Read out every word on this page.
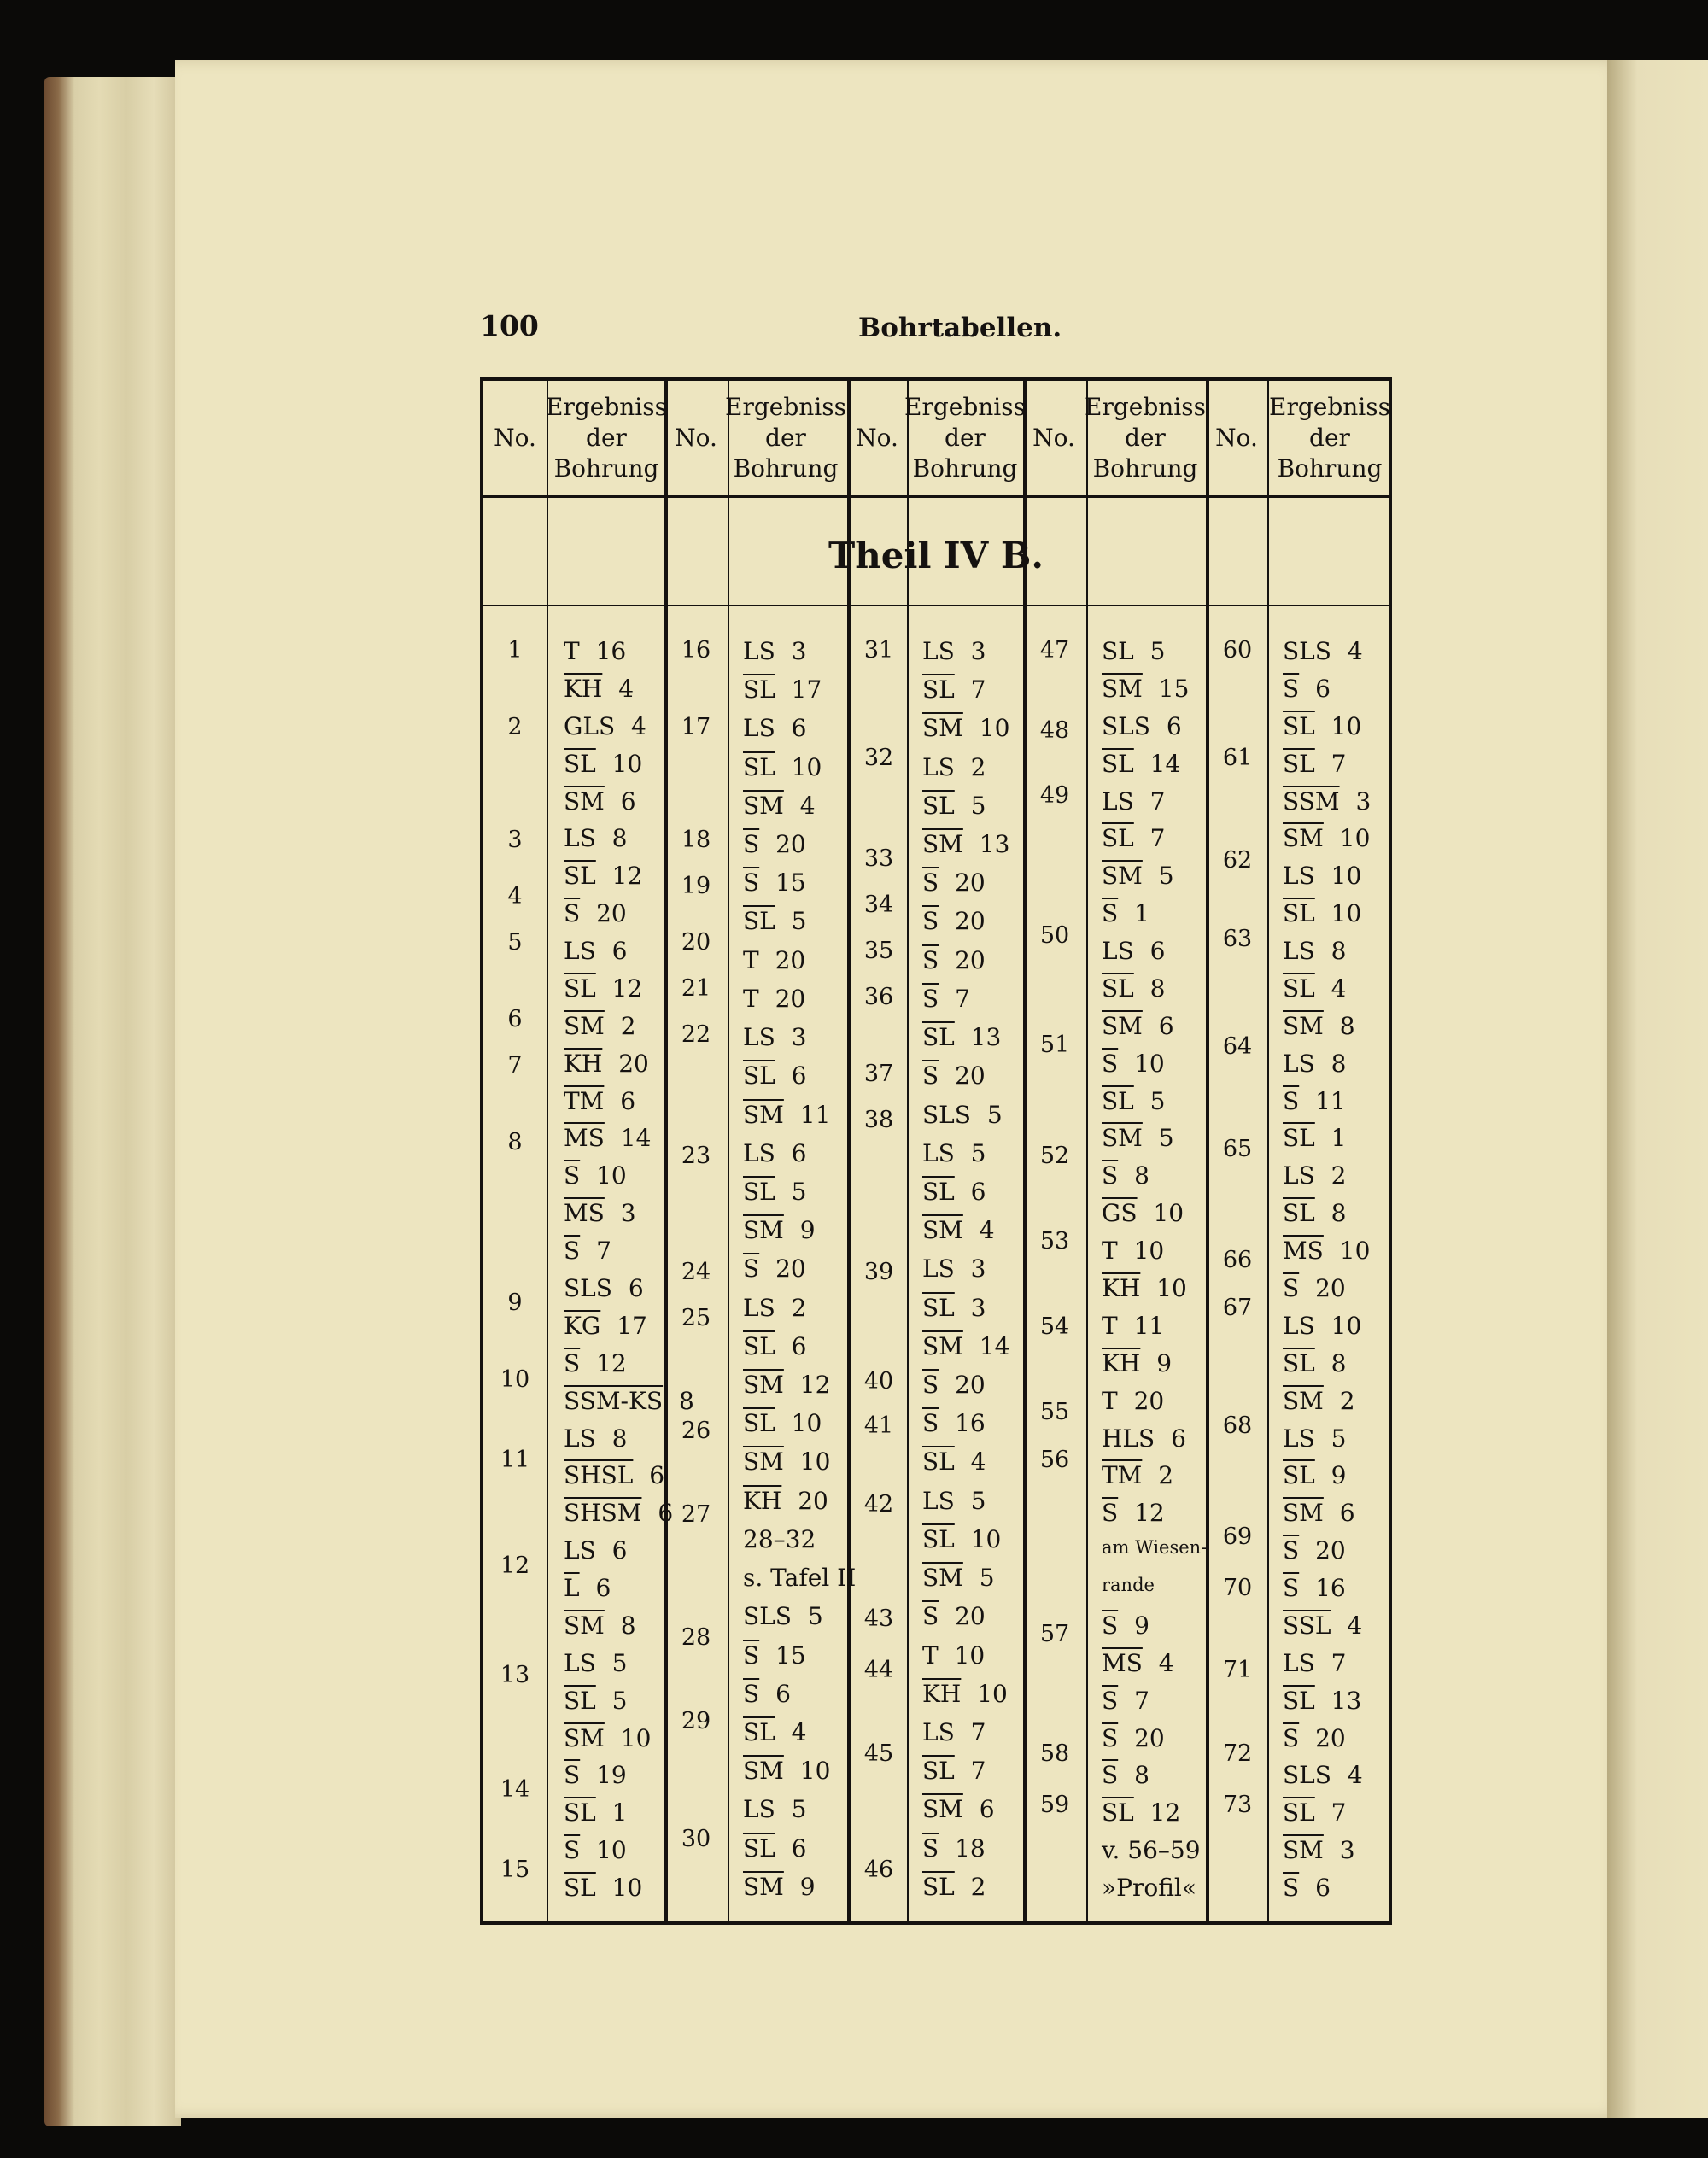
100	Bohrtabellen.
Theil IV B.
No.
Ergebniss
der
Bohrung
No.
Ergebniss
der
Bohrung
No.
Ergebniss
der
Bohrung
No.
Ergebniss
der
Bohrung
No.
Ergebniss
der
Bohrung
1
2
3
4
5
6
7
8
9
10
11
12
13
14
15
T 16
$\overline{KH}$ 4
GLS 4
$\overline{SL}$ 10
$\overline{SM}$ 6
LS 8
$\overline{SL}$ 12
$\overline{S}$ 20
LS 6
$\overline{SL}$ 12
$\overline{SM}$ 2
$\overline{KH}$ 20
$\overline{TM}$ 6
$\overline{MS}$ 14
$\overline{S}$ 10
$\overline{MS}$ 3
$\overline{S}$ 7
SLS 6
$\overline{KG}$ 17
$\overline{S}$ 12
SSM-KS 8
LS 8
SHSL 6
SHSM 6
LS 6
$\overline{L}$ 6
$\overline{SM}$ 8
LS 5
$\overline{SL}$ 5
$\overline{SM}$ 10
$\overline{S}$ 19
$\overline{SL}$ 1
$\overline{S}$ 10
$\overline{SL}$ 10
16
17
18
19
20
21
22
23
24
25
26
27
28
29
30
LS 3
$\overline{SL}$ 17
LS 6
$\overline{SL}$ 10
$\overline{SM}$ 4
$\overline{S}$ 20
$\overline{S}$ 15
$\overline{SL}$ 5
T 20
T 20
LS 3
$\overline{SL}$ 6
$\overline{SM}$ 11
LS 6
$\overline{SL}$ 5
$\overline{SM}$ 9
$\overline{S}$ 20
LS 2
$\overline{SL}$ 6
$\overline{SM}$ 12
$\overline{SL}$ 10
$\overline{SM}$ 10
$\overline{KH}$ 20
28–32
s. Tafel II
SLS 5
$\overline{S}$ 15
$\overline{S}$ 6
$\overline{SL}$ 4
$\overline{SM}$ 10
LS 5
$\overline{SL}$ 6
$\overline{SM}$ 9
31
32
33
34
35
36
37
38
39
40
41
42
43
44
45
46
LS 3
$\overline{SL}$ 7
$\overline{SM}$ 10
LS 2
$\overline{SL}$ 5
$\overline{SM}$ 13
$\overline{S}$ 20
$\overline{S}$ 20
$\overline{S}$ 20
$\overline{S}$ 7
$\overline{SL}$ 13
$\overline{S}$ 20
SLS 5
LS 5
$\overline{SL}$ 6
$\overline{SM}$ 4
LS 3
$\overline{SL}$ 3
$\overline{SM}$ 14
$\overline{S}$ 20
$\overline{S}$ 16
$\overline{SL}$ 4
LS 5
$\overline{SL}$ 10
$\overline{SM}$ 5
$\overline{S}$ 20
T 10
$\overline{KH}$ 10
LS 7
$\overline{SL}$ 7
$\overline{SM}$ 6
$\overline{S}$ 18
$\overline{SL}$ 2
47
48
49
50
51
52
53
54
55
56
57
58
59
SL 5
$\overline{SM}$ 15
SLS 6
$\overline{SL}$ 14
LS 7
$\overline{SL}$ 7
$\overline{SM}$ 5
$\overline{S}$ 1
LS 6
$\overline{SL}$ 8
$\overline{SM}$ 6
$\overline{S}$ 10
$\overline{SL}$ 5
$\overline{SM}$ 5
$\overline{S}$ 8
$\overline{GS}$ 10
T 10
$\overline{KH}$ 10
T 11
$\overline{KH}$ 9
T 20
HLS 6
$\overline{TM}$ 2
$\overline{S}$ 12
am Wiesen-
rande
$\overline{S}$ 9
$\overline{MS}$ 4
$\overline{S}$ 7
$\overline{S}$ 20
$\overline{S}$ 8
$\overline{SL}$ 12
v. 56–59
»Profil«
60
61
62
63
64
65
66
67
68
69
70
71
72
73
SLS 4
$\overline{S}$ 6
$\overline{SL}$ 10
$\overline{SL}$ 7
$\overline{SSM}$ 3
$\overline{SM}$ 10
LS 10
$\overline{SL}$ 10
LS 8
$\overline{SL}$ 4
$\overline{SM}$ 8
LS 8
$\overline{S}$ 11
$\overline{SL}$ 1
LS 2
$\overline{SL}$ 8
$\overline{MS}$ 10
$\overline{S}$ 20
LS 10
$\overline{SL}$ 8
$\overline{SM}$ 2
LS 5
$\overline{SL}$ 9
$\overline{SM}$ 6
$\overline{S}$ 20
$\overline{S}$ 16
$\overline{SSL}$ 4
LS 7
$\overline{SL}$ 13
$\overline{S}$ 20
SLS 4
$\overline{SL}$ 7
$\overline{SM}$ 3
$\overline{S}$ 6
